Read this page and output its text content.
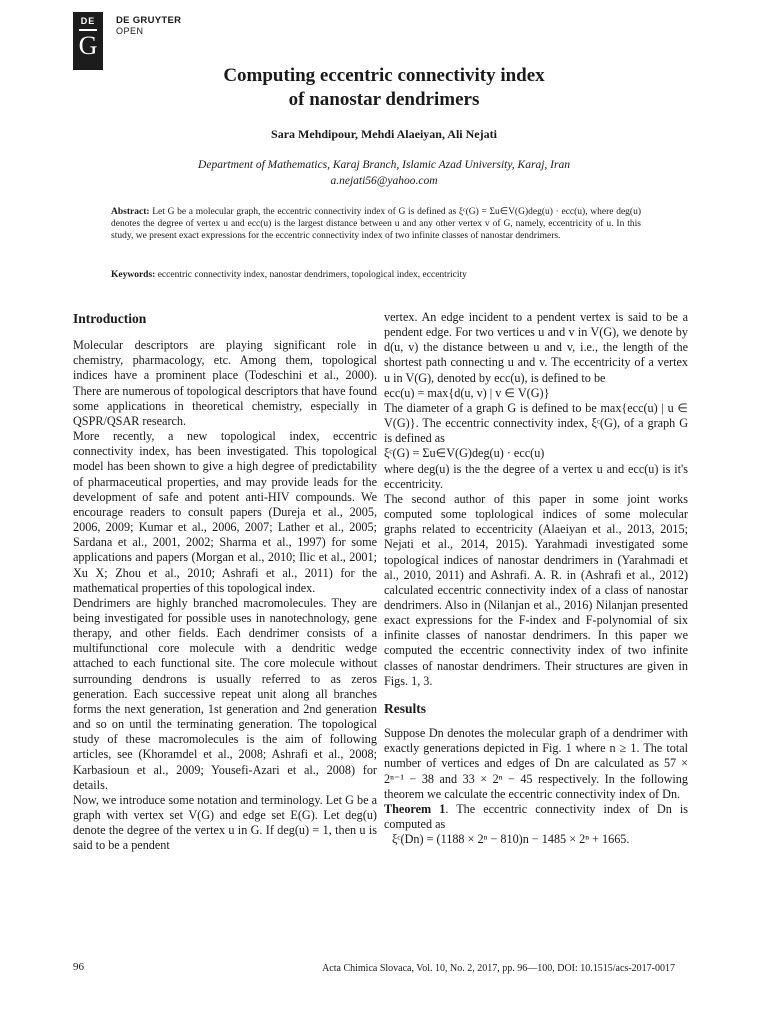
DE
G
DE GRUYTER
OPEN
Computing eccentric connectivity index
of nanostar dendrimers
Sara Mehdipour, Mehdi Alaeiyan, Ali Nejati
Department of Mathematics, Karaj Branch, Islamic Azad University, Karaj, Iran
a.nejati56@yahoo.com
Abstract: Let G be a molecular graph, the eccentric connectivity index of G is defined as ξᶜ(G) = Σu∈V(G)deg(u) · ecc(u), where deg(u) denotes the degree of vertex u and ecc(u) is the largest distance between u and any other vertex v of G, namely, eccentricity of u. In this study, we present exact expressions for the eccentric connectivity index of two infinite classes of nanostar dendrimers.
Keywords: eccentric connectivity index, nanostar dendrimers, topological index, eccentricity

Introduction

Molecular descriptors are playing significant role in chemistry, pharmacology, etc. Among them, topological indices have a prominent place (Todeschini et al., 2000). There are numerous of topological descriptors that have found some applications in theoretical chemistry, especially in QSPR/QSAR research.

More recently, a new topological index, eccentric connectivity index, has been investigated. This topological model has been shown to give a high degree of predictability of pharmaceutical properties, and may provide leads for the development of safe and potent anti-HIV compounds. We encourage readers to consult papers (Dureja et al., 2005, 2006, 2009; Kumar et al., 2006, 2007; Lather et al., 2005; Sardana et al., 2001, 2002; Sharma et al., 1997) for some applications and papers (Morgan et al., 2010; Ilic et al., 2001; Xu X; Zhou et al., 2010; Ashrafi et al., 2011) for the mathematical properties of this topological index.

Dendrimers are highly branched macromolecules. They are being investigated for possible uses in nanotechnology, gene therapy, and other fields. Each dendrimer consists of a multifunctional core molecule with a dendritic wedge attached to each functional site. The core molecule without surrounding dendrons is usually referred to as zeros generation. Each successive repeat unit along all branches forms the next generation, 1st generation and 2nd generation and so on until the terminating generation. The topological study of these macromolecules is the aim of following articles, see (Khoramdel et al., 2008; Ashrafi et al., 2008; Karbasioun et al., 2009; Yousefi-Azari et al., 2008) for details.

Now, we introduce some notation and terminology. Let G be a graph with vertex set V(G) and edge set E(G). Let deg(u) denote the degree of the vertex u in G. If deg(u) = 1, then u is said to be a pendent

vertex. An edge incident to a pendent vertex is said to be a pendent edge. For two vertices u and v in V(G), we denote by d(u, v) the distance between u and v, i.e., the length of the shortest path connecting u and v. The eccentricity of a vertex u in V(G), denoted by ecc(u), is defined to be

ecc(u) = max{d(u, v) | v ∈ V(G)}

The diameter of a graph G is defined to be max{ecc(u) | u ∈ V(G)}. The eccentric connectivity index, ξᶜ(G), of a graph G is defined as

ξᶜ(G) = Σu∈V(G)deg(u) · ecc(u)

where deg(u) is the the degree of a vertex u and ecc(u) is it's eccentricity.

The second author of this paper in some joint works computed some toplological indices of some molecular graphs related to eccentricity (Alaeiyan et al., 2013, 2015; Nejati et al., 2014, 2015). Yarahmadi investigated some topological indices of nanostar dendrimers in (Yarahmadi et al., 2010, 2011) and Ashrafi. A. R. in (Ashrafi et al., 2012) calculated eccentric connectivity index of a class of nanostar dendrimers. Also in (Nilanjan et al., 2016) Nilanjan presented exact expressions for the F-index and F-polynomial of six infinite classes of nanostar dendrimers. In this paper we computed the eccentric connectivity index of two infinite classes of nanostar dendrimers. Their structures are given in Figs. 1, 3.

Results

Suppose Dn denotes the molecular graph of a dendrimer with exactly generations depicted in Fig. 1 where n ≥ 1. The total number of vertices and edges of Dn are calculated as 57 × 2ⁿ⁻¹ − 38 and 33 × 2ⁿ − 45 respectively. In the following theorem we calculate the eccentric connectivity index of Dn.

Theorem 1. The eccentric connectivity index of Dn is computed as

ξᶜ(Dn) = (1188 × 2ⁿ − 810)n − 1485 × 2ⁿ + 1665.

96	Acta Chimica Slovaca, Vol. 10, No. 2, 2017, pp. 96—100, DOI: 10.1515/acs-2017-0017
